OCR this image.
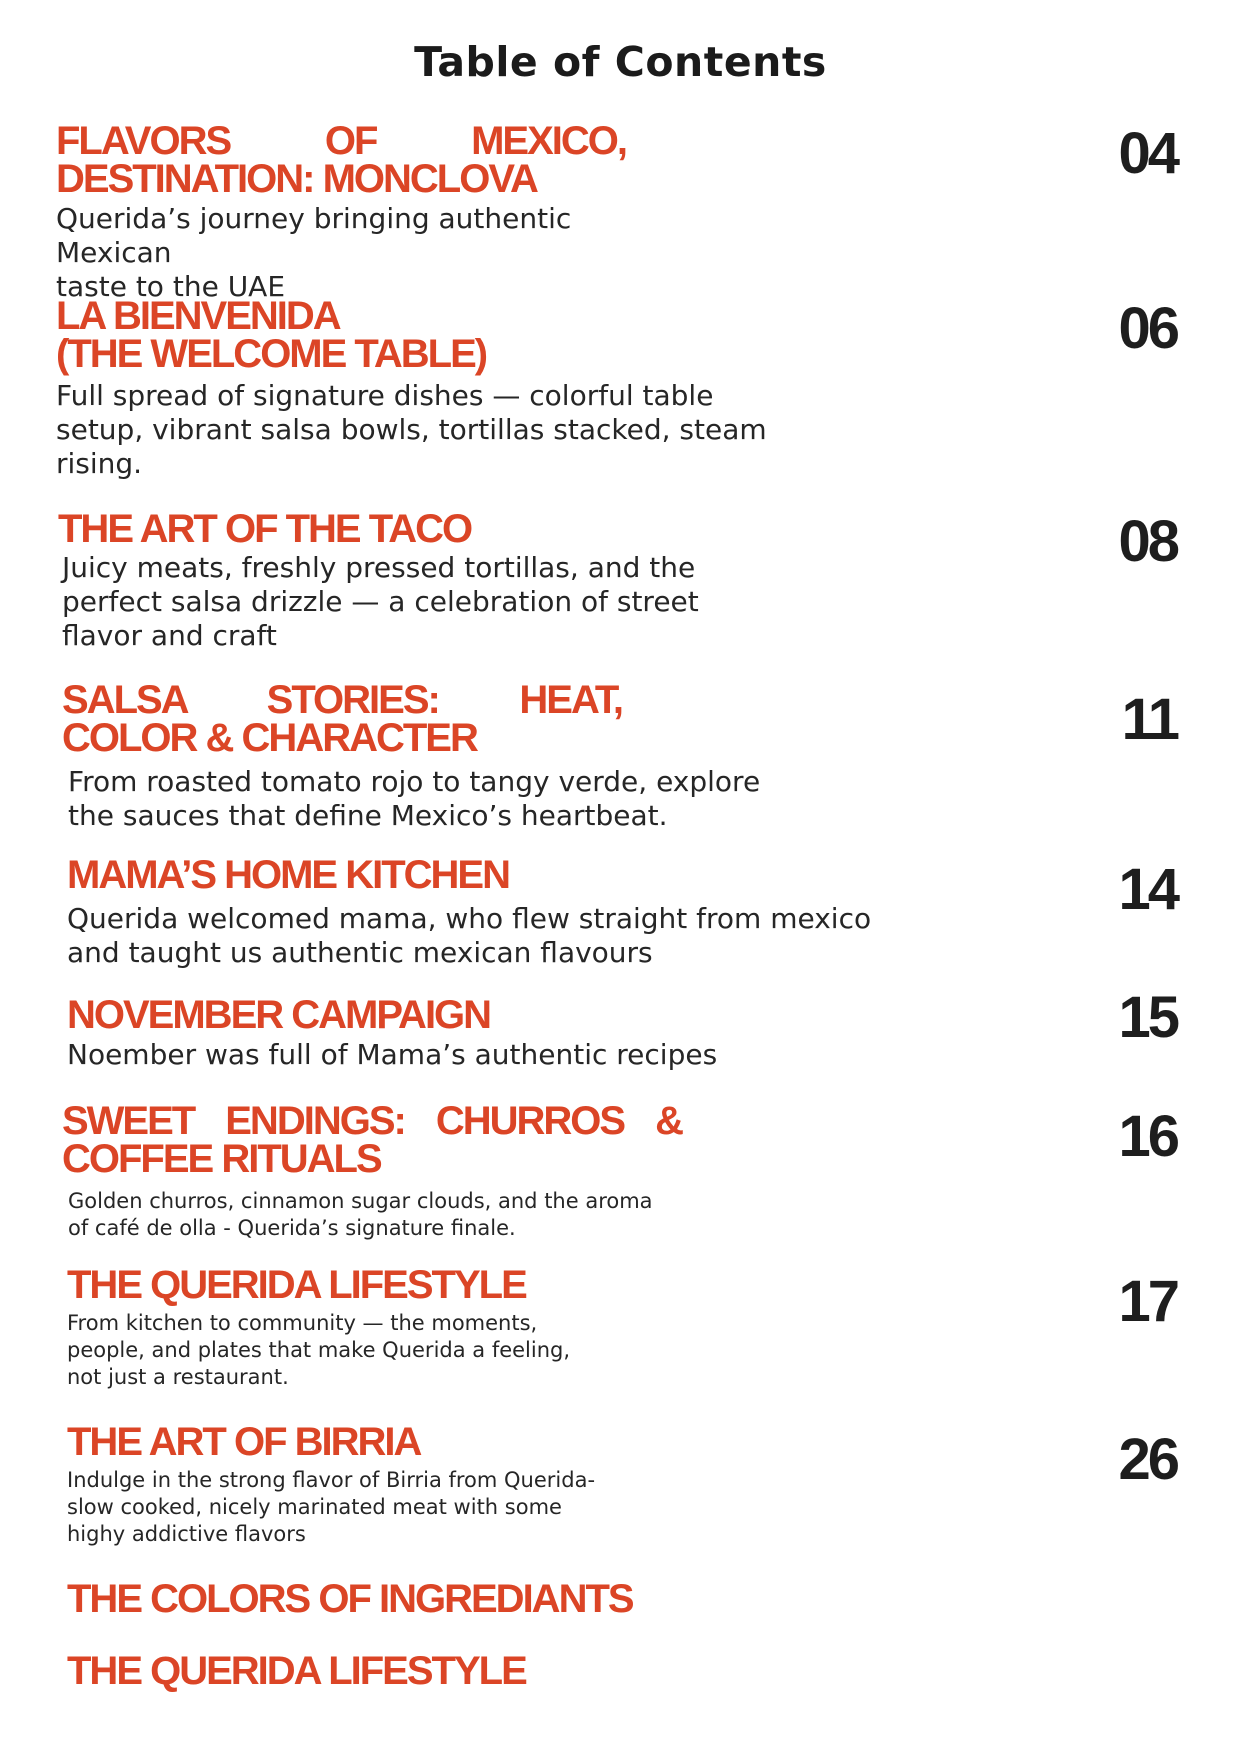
Table of Contents
FLAVORS OF MEXICO,
DESTINATION: MONCLOVA

Querida’s journey bringing authentic Mexican
taste to the UAE

04
LA BIENVENIDA
(THE WELCOME TABLE)

Full spread of signature dishes — colorful table
setup, vibrant salsa bowls, tortillas stacked, steam
rising.

06
THE ART OF THE TACO

Juicy meats, freshly pressed tortillas, and the
perfect salsa drizzle — a celebration of street
flavor and craft

08
SALSA STORIES: HEAT,
COLOR & CHARACTER

From roasted tomato rojo to tangy verde, explore
the sauces that define Mexico’s heartbeat.

11
MAMA’S HOME KITCHEN

Querida welcomed mama, who flew straight from mexico
and taught us authentic mexican flavours

14
NOVEMBER CAMPAIGN

Noember was full of Mama’s authentic recipes

15
SWEET ENDINGS: CHURROS &
COFFEE RITUALS

Golden churros, cinnamon sugar clouds, and the aroma
of café de olla - Querida’s signature finale.

16
THE QUERIDA LIFESTYLE

From kitchen to community — the moments,
people, and plates that make Querida a feeling,
not just a restaurant.

17
THE ART OF BIRRIA

Indulge in the strong flavor of Birria from Querida-
slow cooked, nicely marinated meat with some
highy addictive flavors

26
THE COLORS OF INGREDIANTS
THE QUERIDA LIFESTYLE
